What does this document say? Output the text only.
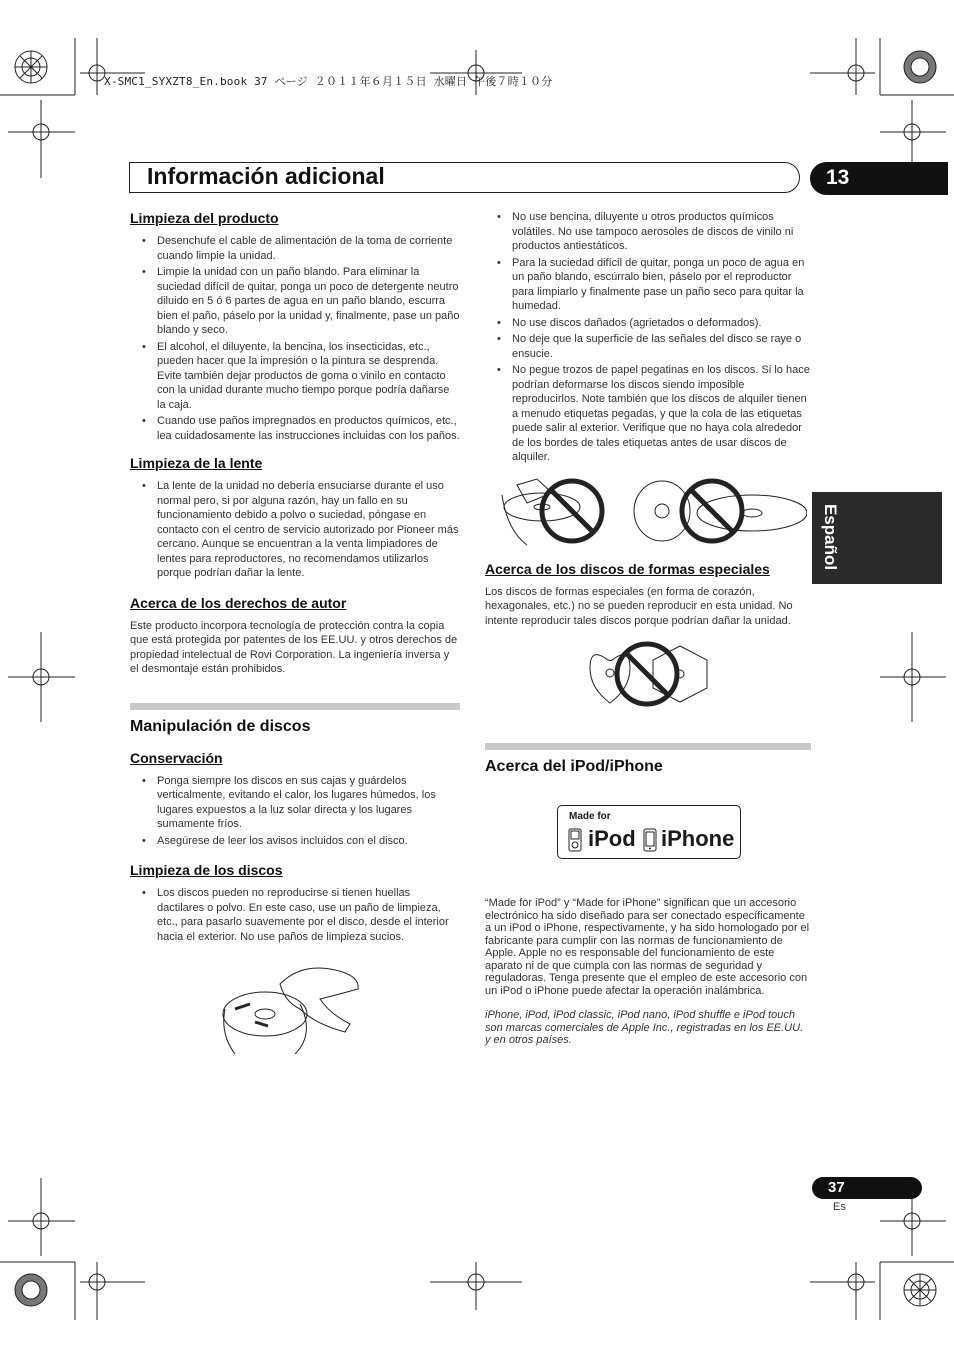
X-SMC1_SYXZT8_En.book 37 ページ ２０１１年６月１５日 水曜日 午後７時１０分
Información adicional	13
Español
Limpieza del producto
• Desenchufe el cable de alimentación de la toma de corriente cuando limpie la unidad.
• Limpie la unidad con un paño blando. Para eliminar la suciedad difícil de quitar, ponga un poco de detergente neutro diluido en 5 ó 6 partes de agua en un paño blando, escurra bien el paño, páselo por la unidad y, finalmente, pase un paño blando y seco.
• El alcohol, el diluyente, la bencina, los insecticidas, etc., pueden hacer que la impresión o la pintura se desprenda. Evite también dejar productos de goma o vinilo en contacto con la unidad durante mucho tiempo porque podría dañarse la caja.
• Cuando use paños impregnados en productos químicos, etc., lea cuidadosamente las instrucciones incluidas con los paños.
Limpieza de la lente
• La lente de la unidad no debería ensuciarse durante el uso normal pero, si por alguna razón, hay un fallo en su funcionamiento debido a polvo o suciedad, póngase en contacto con el centro de servicio autorizado por Pioneer más cercano. Aunque se encuentran a la venta limpiadores de lentes para reproductores, no recomendamos utilizarlos porque podrían dañar la lente.
Acerca de los derechos de autor

Este producto incorpora tecnología de protección contra la copia que está protegida por patentes de los EE.UU. y otros derechos de propiedad intelectual de Rovi Corporation. La ingeniería inversa y el desmontaje están prohibidos.

Manipulación de discos
Conservación
• Ponga siempre los discos en sus cajas y guárdelos verticalmente, evitando el calor, los lugares húmedos, los lugares expuestos a la luz solar directa y los lugares sumamente fríos.
• Asegúrese de leer los avisos incluidos con el disco.
Limpieza de los discos
• Los discos pueden no reproducirse si tienen huellas dactilares o polvo. En este caso, use un paño de limpieza, etc., para pasarlo suavemente por el disco, desde el interior hacia el exterior. No use paños de limpieza sucios.
• No use bencina, diluyente u otros productos químicos volátiles. No use tampoco aerosoles de discos de vinilo ni productos antiestáticos.
• Para la suciedad difícil de quitar, ponga un poco de agua en un paño blando, escúrralo bien, páselo por el reproductor para limpiarlo y finalmente pase un paño seco para quitar la humedad.
• No use discos dañados (agrietados o deformados).
• No deje que la superficie de las señales del disco se raye o ensucie.
• No pegue trozos de papel pegatinas en los discos. Si lo hace podrían deformarse los discos siendo imposible reproducirlos. Note también que los discos de alquiler tienen a menudo etiquetas pegadas, y que la cola de las etiquetas puede salir al exterior. Verifique que no haya cola alrededor de los bordes de tales etiquetas antes de usar discos de alquiler.
Acerca de los discos de formas especiales

Los discos de formas especiales (en forma de corazón, hexagonales, etc.) no se pueden reproducir en esta unidad. No intente reproducir tales discos porque podrían dañar la unidad.

Acerca del iPod/iPhone
Made for
iPod iPhone

“Made for iPod” y “Made for iPhone” significan que un accesorio electrónico ha sido diseñado para ser conectado específicamente a un iPod o iPhone, respectivamente, y ha sido homologado por el fabricante para cumplir con las normas de funcionamiento de Apple. Apple no es responsable del funcionamiento de este aparato ni de que cumpla con las normas de seguridad y reguladoras. Tenga presente que el empleo de este accesorio con un iPod o iPhone puede afectar la operación inalámbrica.

iPhone, iPod, iPod classic, iPod nano, iPod shuffle e iPod touch son marcas comerciales de Apple Inc., registradas en los EE.UU. y en otros países.

37
Es
